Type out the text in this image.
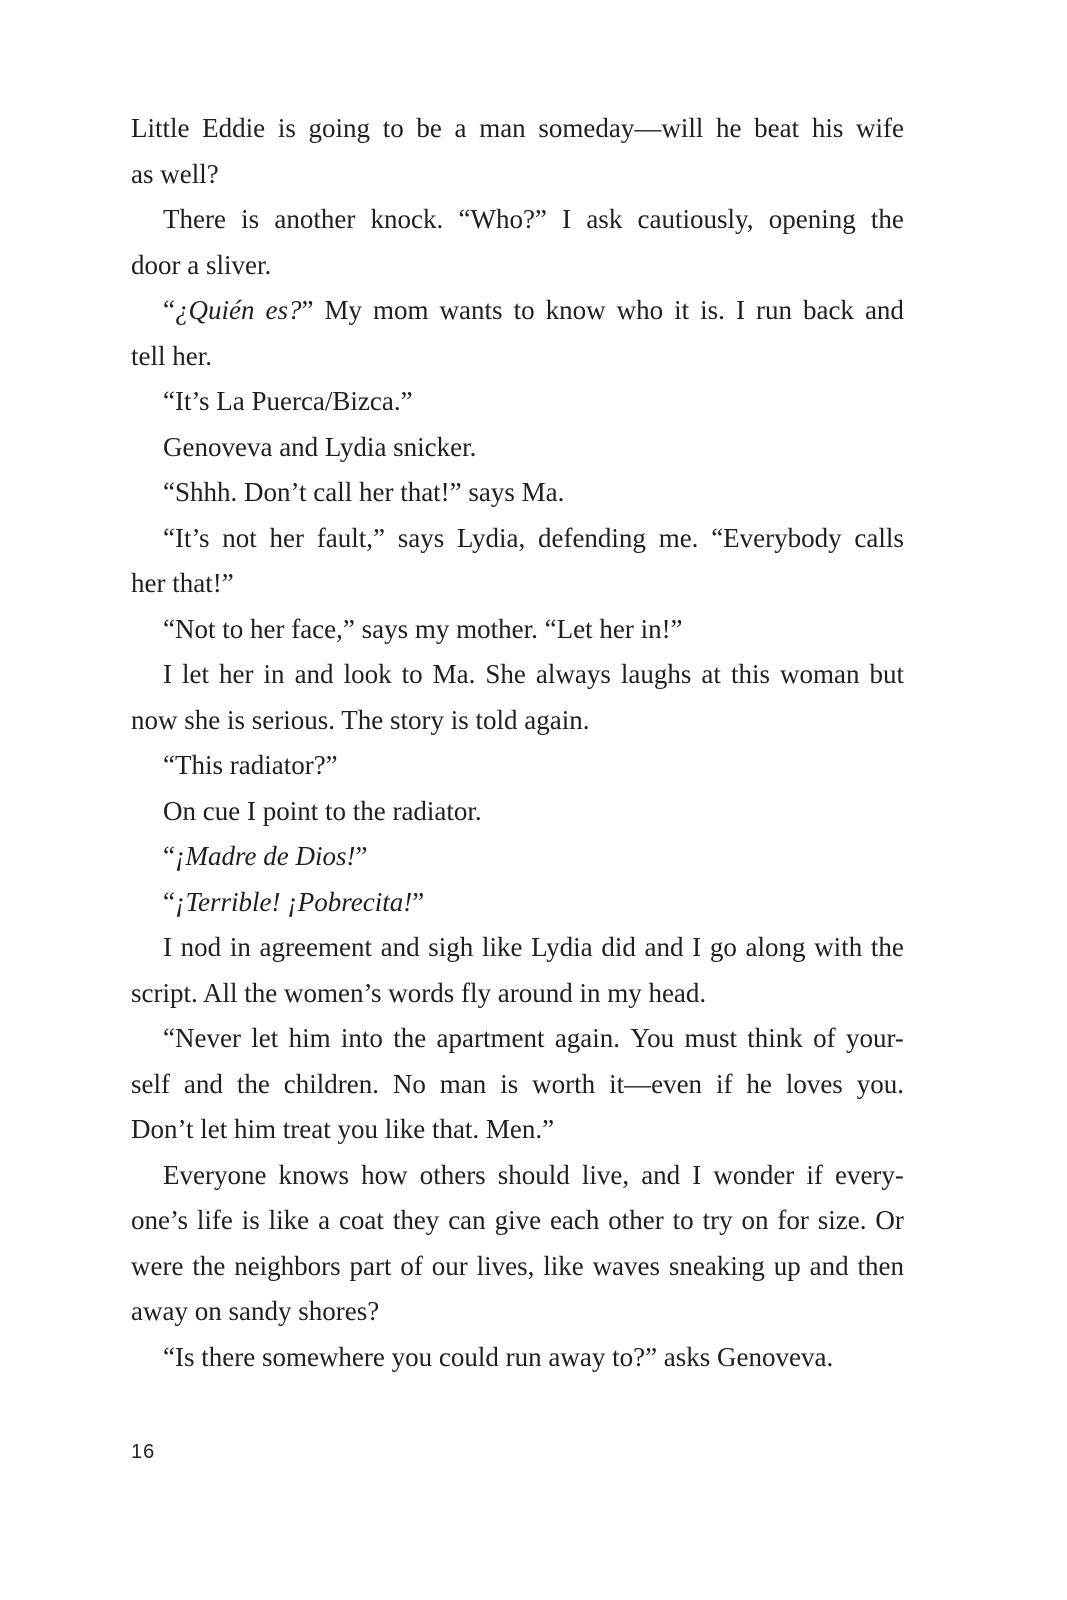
Little Eddie is going to be a man someday—will he beat his wife
as well?
There is another knock. “Who?” I ask cautiously, opening the
door a sliver.
“¿Quién es?” My mom wants to know who it is. I run back and
tell her.
“It’s La Puerca/Bizca.”
Genoveva and Lydia snicker.
“Shhh. Don’t call her that!” says Ma.
“It’s not her fault,” says Lydia, defending me. “Everybody calls
her that!”
“Not to her face,” says my mother. “Let her in!”
I let her in and look to Ma. She always laughs at this woman but
now she is serious. The story is told again.
“This radiator?”
On cue I point to the radiator.
“¡Madre de Dios!”
“¡Terrible! ¡Pobrecita!”
I nod in agreement and sigh like Lydia did and I go along with the
script. All the women’s words fly around in my head.
“Never let him into the apartment again. You must think of your-
self and the children. No man is worth it—even if he loves you.
Don’t let him treat you like that. Men.”
Everyone knows how others should live, and I wonder if every-
one’s life is like a coat they can give each other to try on for size. Or
were the neighbors part of our lives, like waves sneaking up and then
away on sandy shores?
“Is there somewhere you could run away to?” asks Genoveva.
16
